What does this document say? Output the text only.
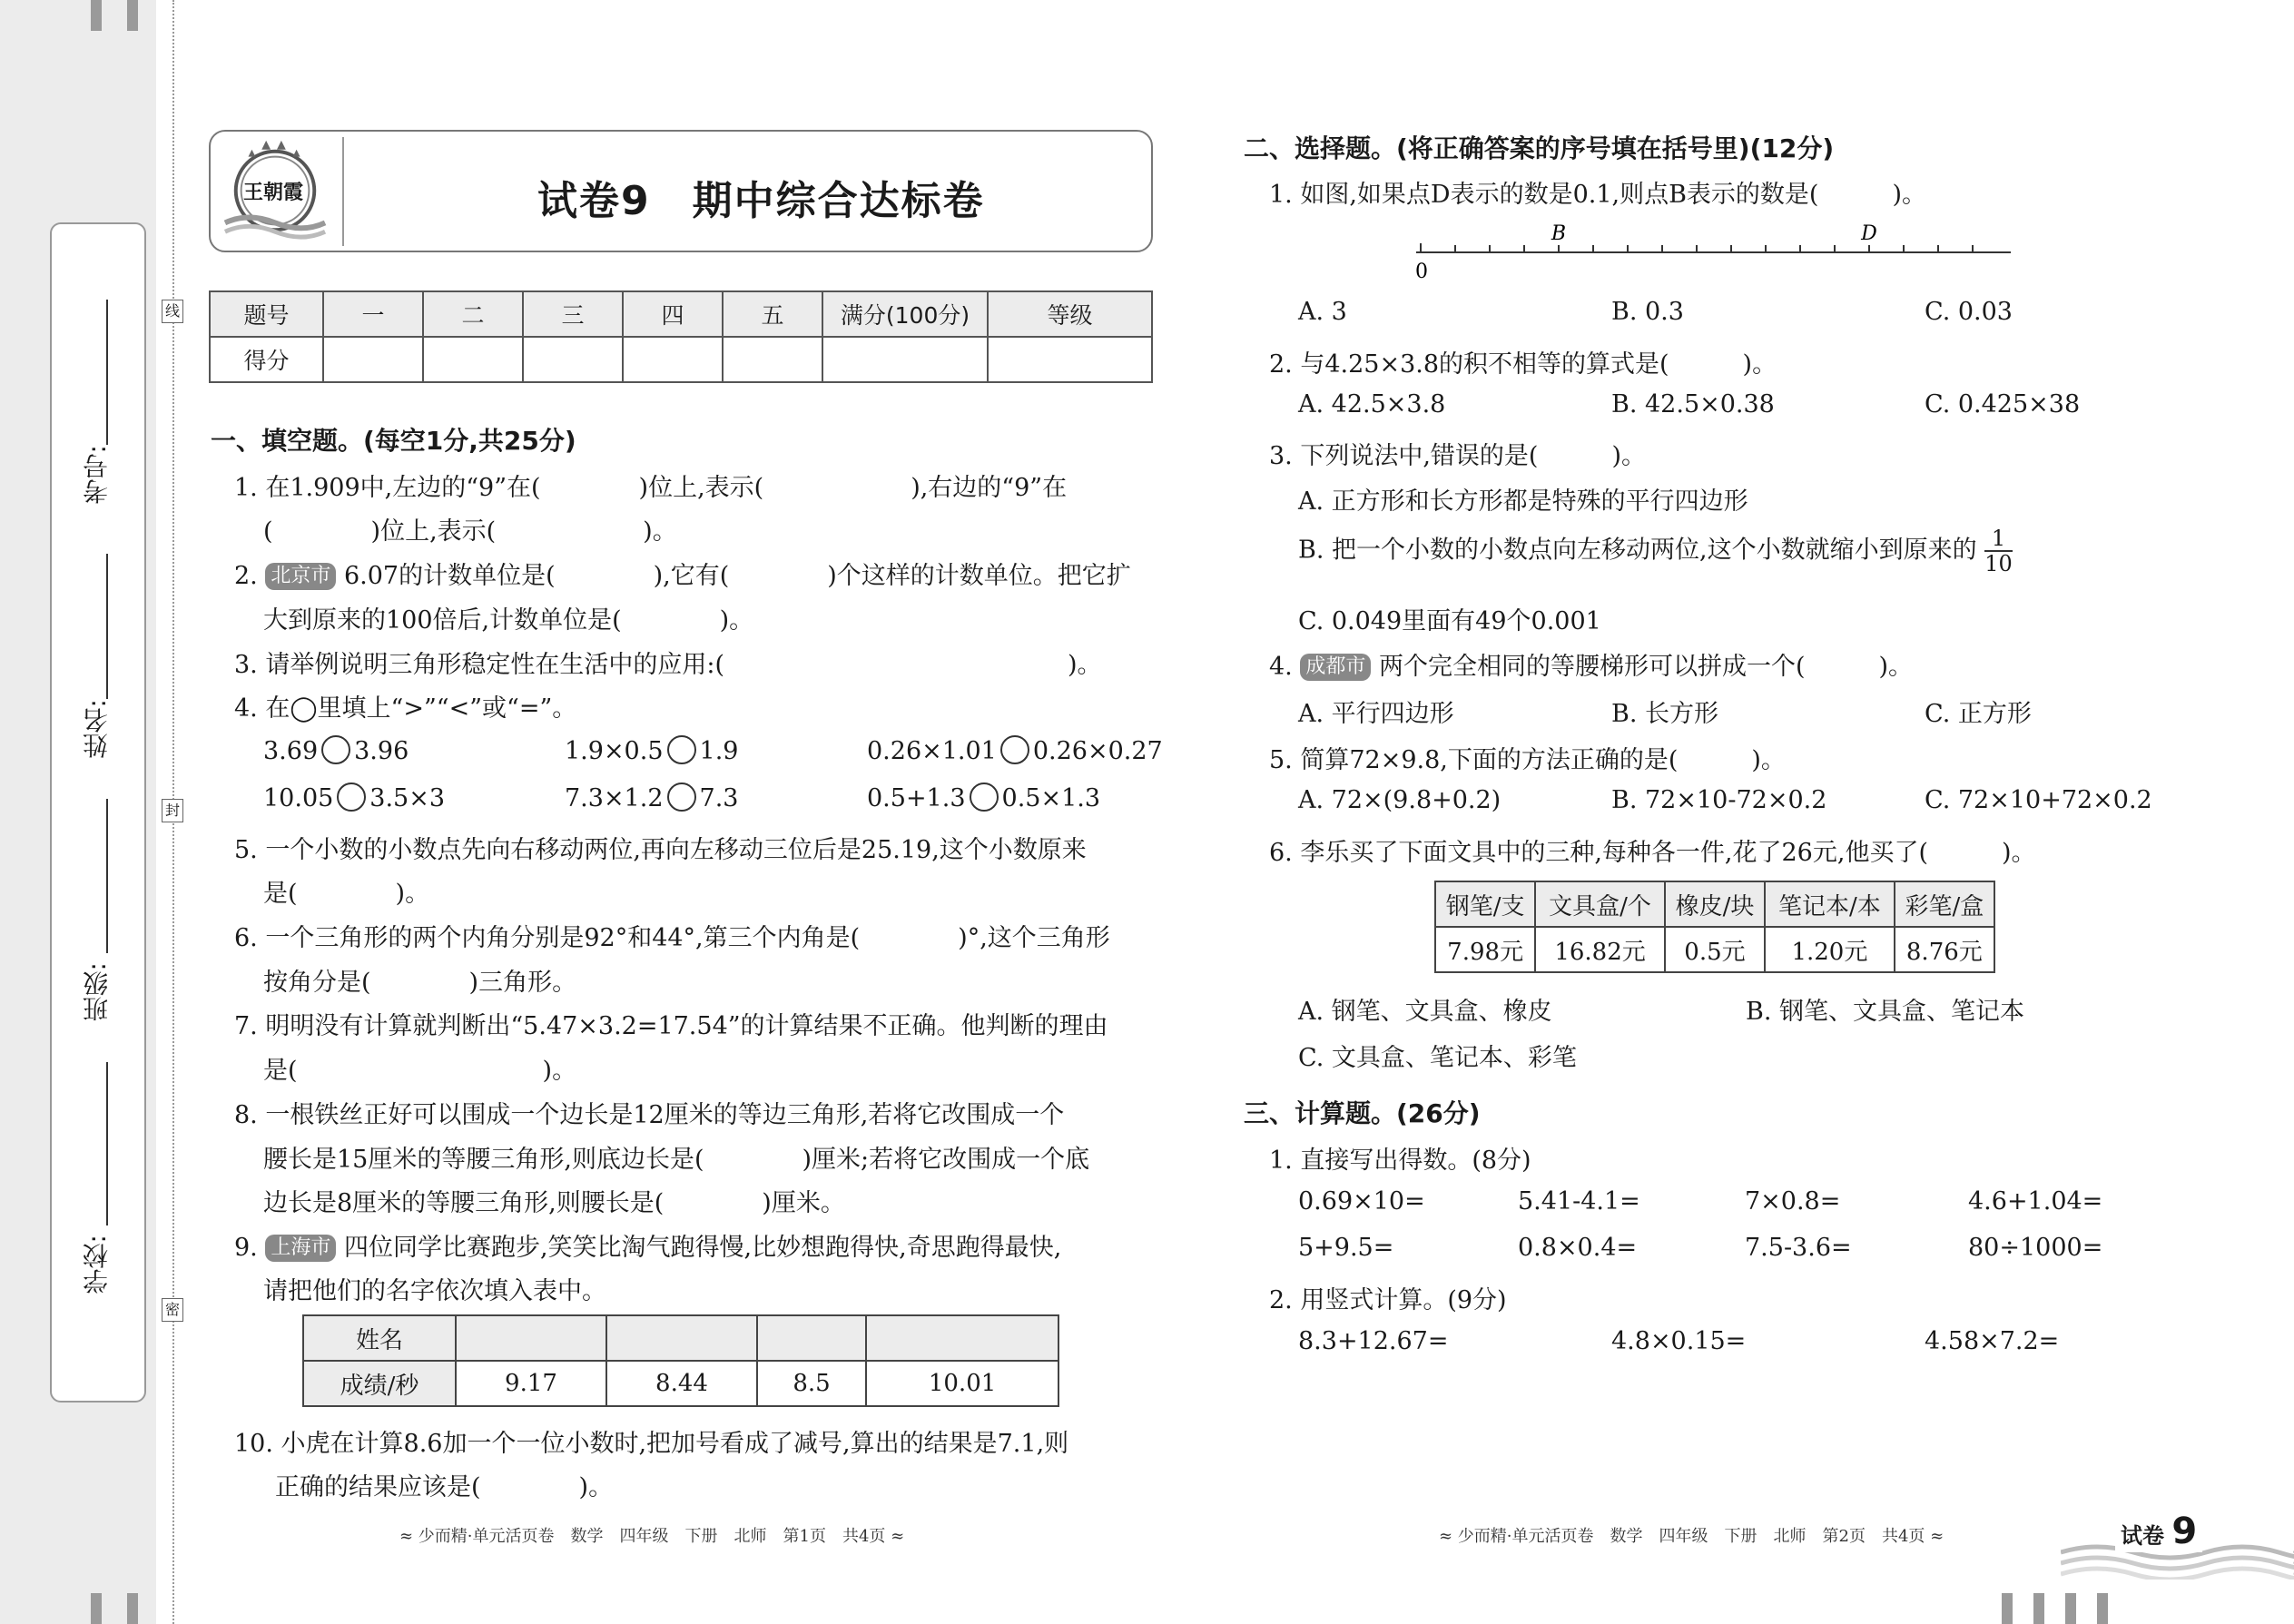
考号:
姓名:
班级:
学校:
线
封
密
王朝霞	试卷9　期中综合达标卷
题号	一	二	三	四	五	满分(100分)	等级
得分							
一、填空题。(每空1分,共25分)
1. 在1.909中,左边的“9”在(　　　　)位上,表示(　　　　　　),右边的“9”在
(　　　　)位上,表示(　　　　　　)。
2. 北京市 6.07的计数单位是(　　　　),它有(　　　　)个这样的计数单位。把它扩
大到原来的100倍后,计数单位是(　　　　)。
3. 请举例说明三角形稳定性在生活中的应用:(　　　　　　　　　　　　　　)。
4. 在◯里填上“>”“<”或“=”。
3.69 3.96	1.9×0.5 1.9	0.26×1.01 0.26×0.27
10.05 3.5×3	7.3×1.2 7.3	0.5+1.3 0.5×1.3
5. 一个小数的小数点先向右移动两位,再向左移动三位后是25.19,这个小数原来
是(　　　　)。
6. 一个三角形的两个内角分别是92°和44°,第三个内角是(　　　　)°,这个三角形
按角分是(　　　　)三角形。
7. 明明没有计算就判断出“5.47×3.2=17.54”的计算结果不正确。他判断的理由
是(　　　　　　　　　　)。
8. 一根铁丝正好可以围成一个边长是12厘米的等边三角形,若将它改围成一个
腰长是15厘米的等腰三角形,则底边长是(　　　　)厘米;若将它改围成一个底
边长是8厘米的等腰三角形,则腰长是(　　　　)厘米。
9. 上海市 四位同学比赛跑步,笑笑比淘气跑得慢,比妙想跑得快,奇思跑得最快,
请把他们的名字依次填入表中。
姓名				
成绩/秒	9.17	8.44	8.5	10.01
10. 小虎在计算8.6加一个一位小数时,把加号看成了减号,算出的结果是7.1,则
正确的结果应该是(　　　　)。
≈ 少而精·单元活页卷　数学　四年级　下册　北师　第1页　共4页 ≈
二、选择题。(将正确答案的序号填在括号里)(12分)
1. 如图,如果点D表示的数是0.1,则点B表示的数是(　　　)。
0
B	D
A. 3	B. 0.3	C. 0.03
2. 与4.25×3.8的积不相等的算式是(　　　)。
A. 42.5×3.8	B. 42.5×0.38	C. 0.425×38
3. 下列说法中,错误的是(　　　)。
A. 正方形和长方形都是特殊的平行四边形
B. 把一个小数的小数点向左移动两位,这个小数就缩小到原来的 $\frac{1}{10}$
C. 0.049里面有49个0.001
4. 成都市 两个完全相同的等腰梯形可以拼成一个(　　　)。
A. 平行四边形	B. 长方形	C. 正方形
5. 简算72×9.8,下面的方法正确的是(　　　)。
A. 72×(9.8+0.2)	B. 72×10-72×0.2	C. 72×10+72×0.2
6. 李乐买了下面文具中的三种,每种各一件,花了26元,他买了(　　　)。
钢笔/支	文具盒/个	橡皮/块	笔记本/本	彩笔/盒
7.98元	16.82元	0.5元	1.20元	8.76元
A. 钢笔、文具盒、橡皮	B. 钢笔、文具盒、笔记本
C. 文具盒、笔记本、彩笔
三、计算题。(26分)
1. 直接写出得数。(8分)
0.69×10=	5.41-4.1=	7×0.8=	4.6+1.04=
5+9.5=	0.8×0.4=	7.5-3.6=	80÷1000=
2. 用竖式计算。(9分)
8.3+12.67=	4.8×0.15=	4.58×7.2=
≈ 少而精·单元活页卷　数学　四年级　下册　北师　第2页　共4页 ≈	试卷 9
